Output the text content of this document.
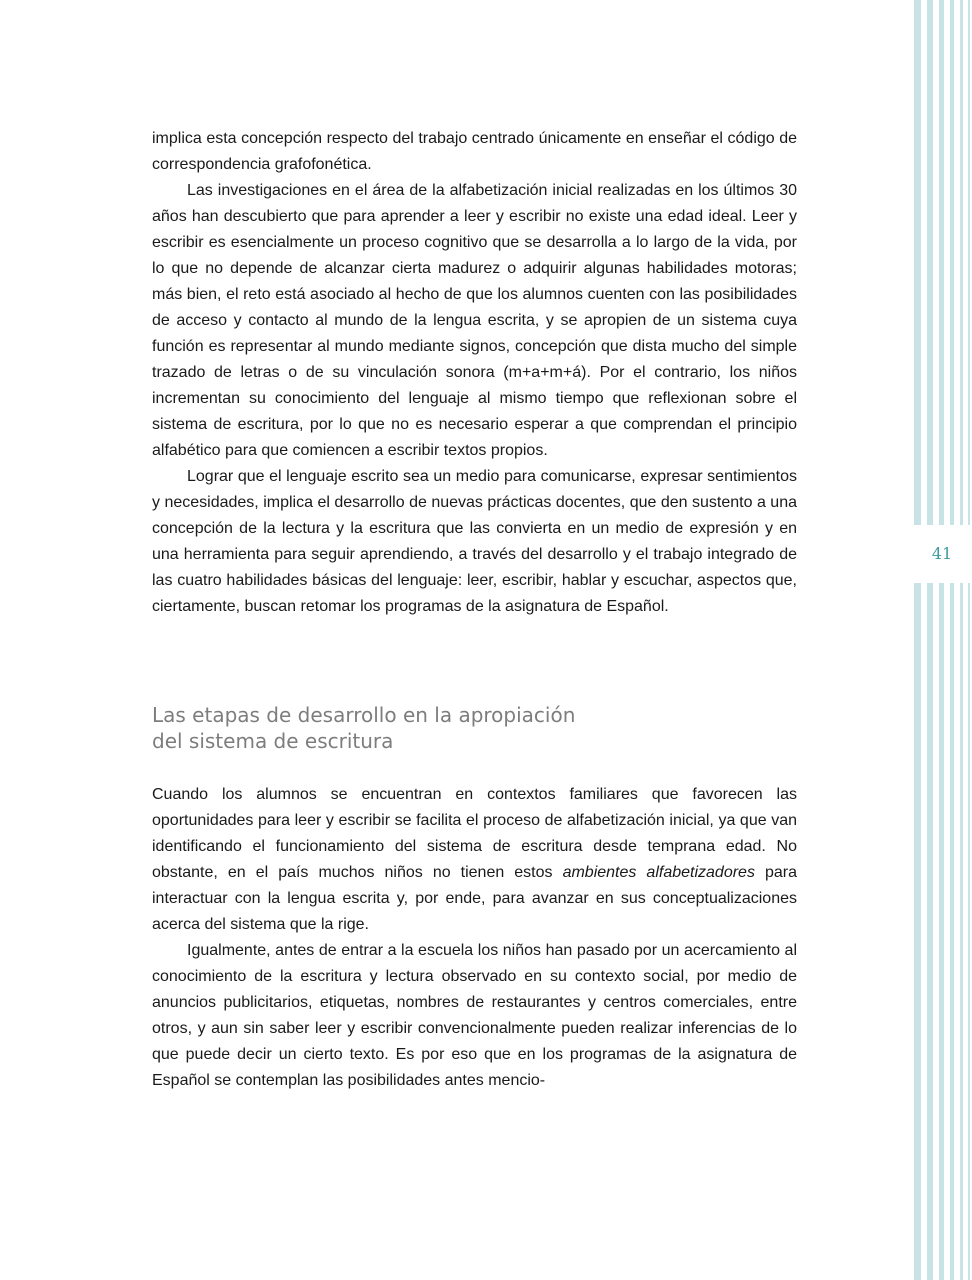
41

implica esta concepción respecto del trabajo centrado únicamente en enseñar el código de correspondencia grafofonética.

Las investigaciones en el área de la alfabetización inicial realizadas en los últimos 30 años han descubierto que para aprender a leer y escribir no existe una edad ideal. Leer y escribir es esencialmente un proceso cognitivo que se desarrolla a lo largo de la vida, por lo que no depende de alcanzar cierta madurez o adquirir algunas habilidades motoras; más bien, el reto está asociado al hecho de que los alumnos cuenten con las posibilidades de acceso y contacto al mundo de la lengua escrita, y se apropien de un sistema cuya función es representar al mundo mediante signos, concepción que dista mucho del simple trazado de letras o de su vinculación sonora (m+a+m+á). Por el contrario, los niños incrementan su conocimiento del lenguaje al mismo tiempo que reflexionan sobre el sistema de escritura, por lo que no es necesario esperar a que comprendan el principio alfabético para que comiencen a escribir textos propios.

Lograr que el lenguaje escrito sea un medio para comunicarse, expresar sentimientos y necesidades, implica el desarrollo de nuevas prácticas docentes, que den sustento a una concepción de la lectura y la escritura que las convierta en un medio de expresión y en una herramienta para seguir aprendiendo, a través del desarrollo y el trabajo integrado de las cuatro habilidades básicas del lenguaje: leer, escribir, hablar y escuchar, aspectos que, ciertamente, buscan retomar los programas de la asignatura de Español.

Las etapas de desarrollo en la apropiación
del sistema de escritura

Cuando los alumnos se encuentran en contextos familiares que favorecen las oportunidades para leer y escribir se facilita el proceso de alfabetización inicial, ya que van identificando el funcionamiento del sistema de escritura desde temprana edad. No obstante, en el país muchos niños no tienen estos ambientes alfabetizadores para interactuar con la lengua escrita y, por ende, para avanzar en sus conceptualizaciones acerca del sistema que la rige.

Igualmente, antes de entrar a la escuela los niños han pasado por un acercamiento al conocimiento de la escritura y lectura observado en su contexto social, por medio de anuncios publicitarios, etiquetas, nombres de restaurantes y centros comerciales, entre otros, y aun sin saber leer y escribir convencionalmente pueden realizar inferencias de lo que puede decir un cierto texto. Es por eso que en los programas de la asignatura de Español se contemplan las posibilidades antes mencio-
